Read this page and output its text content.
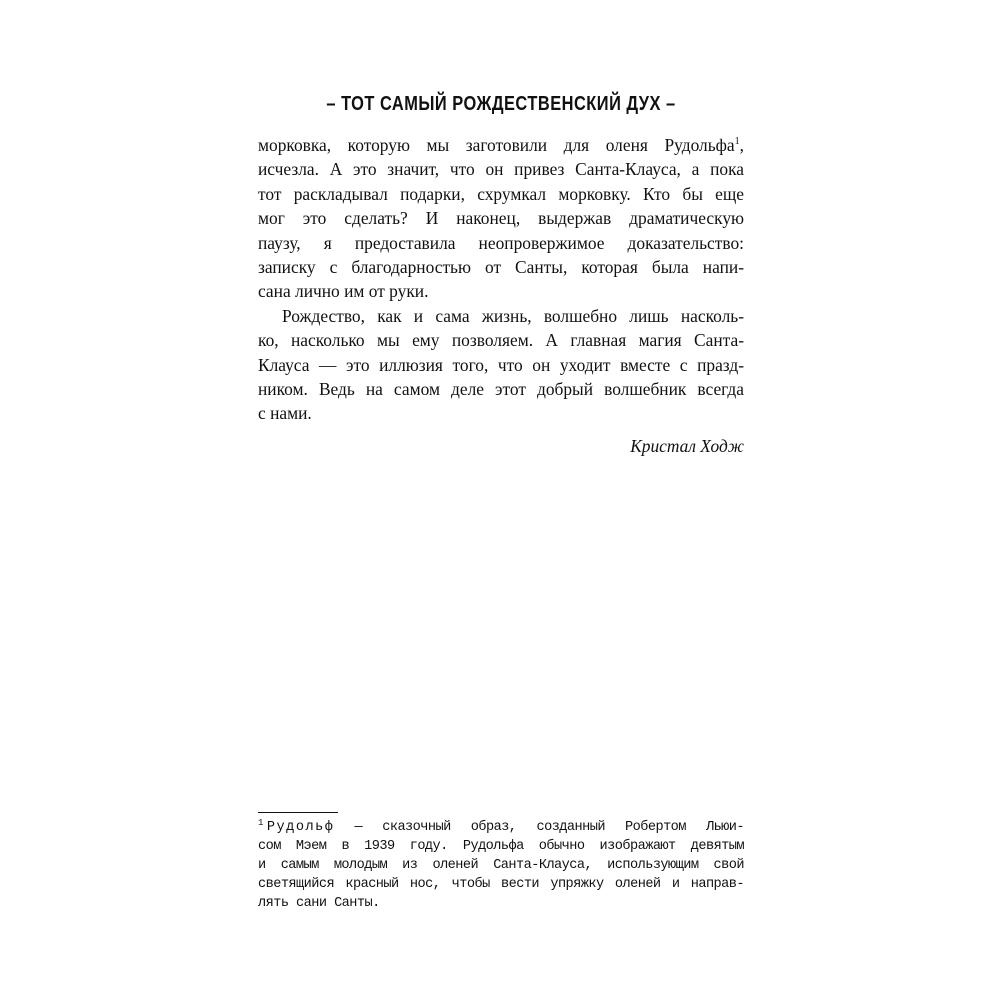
– ТОТ САМЫЙ РОЖДЕСТВЕНСКИЙ ДУХ –
морковка, которую мы заготовили для оленя Рудольфа$^1$,
исчезла. А это значит, что он привез Санта-Клауса, а пока
тот раскладывал подарки, схрумкал морковку. Кто бы еще
мог это сделать? И наконец, выдержав драматическую
паузу, я предоставила неопровержимое доказательство:
записку с благодарностью от Санты, которая была напи-
сана лично им от руки.
Рождество, как и сама жизнь, волшебно лишь насколь-
ко, насколько мы ему позволяем. А главная магия Санта-
Клауса — это иллюзия того, что он уходит вместе с празд-
ником. Ведь на самом деле этот добрый волшебник всегда
с нами.
Кристал Ходж
$^1$ Рудольф — сказочный образ, созданный Робертом Льюи-
сом Мэем в 1939 году. Рудольфа обычно изображают девятым
и самым молодым из оленей Санта-Клауса, использующим свой
светящийся красный нос, чтобы вести упряжку оленей и направ-
лять сани Санты.
